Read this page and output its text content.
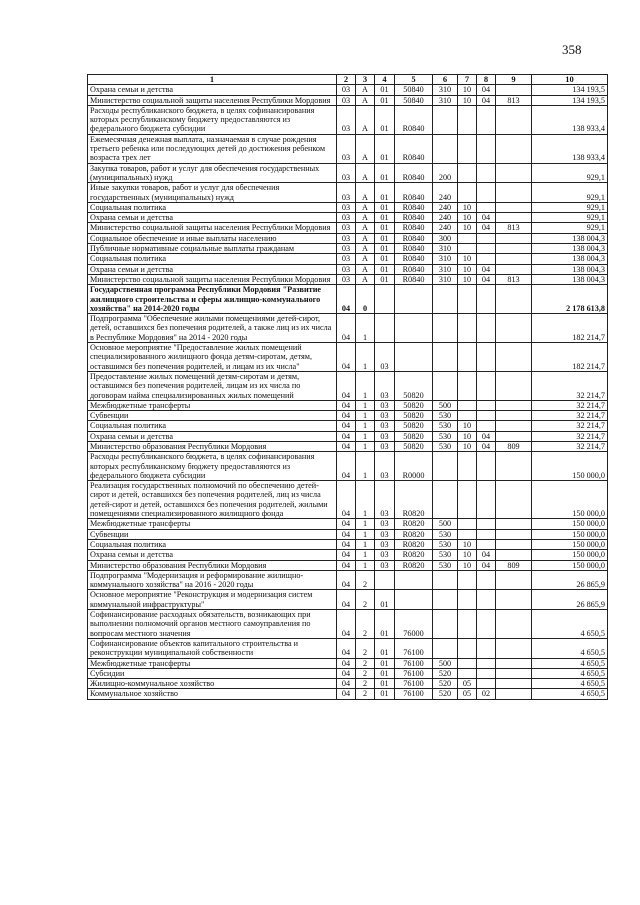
358
1	2	3	4	5	6	7	8	9	10
Охрана семьи и детства	03	А	01	50840	310	10	04		134 193,5
Министерство социальной защиты населения Республики Мордовия	03	А	01	50840	310	10	04	813	134 193,5
Расходы республиканского бюджета, в целях софинансирования которых республиканскому бюджету предоставляются из федерального бюджета субсидии	03	А	01	R0840					138 933,4
Ежемесячная денежная выплата, назначаемая в случае рождения третьего ребенка или последующих детей до достижения ребенком возраста трех лет	03	А	01	R0840					138 933,4
Закупка товаров, работ и услуг для обеспечения государственных (муниципальных) нужд	03	А	01	R0840	200				929,1
Иные закупки товаров, работ и услуг для обеспечения государственных (муниципальных) нужд	03	А	01	R0840	240				929,1
Социальная политика	03	А	01	R0840	240	10			929,1
Охрана семьи и детства	03	А	01	R0840	240	10	04		929,1
Министерство социальной защиты населения Республики Мордовия	03	А	01	R0840	240	10	04	813	929,1
Социальное обеспечение и иные выплаты населению	03	А	01	R0840	300				138 004,3
Публичные нормативные социальные выплаты гражданам	03	А	01	R0840	310				138 004,3
Социальная политика	03	А	01	R0840	310	10			138 004,3
Охрана семьи и детства	03	А	01	R0840	310	10	04		138 004,3
Министерство социальной защиты населения Республики Мордовия	03	А	01	R0840	310	10	04	813	138 004,3
Государственная программа Республики Мордовия "Развитие жилищного строительства и сферы жилищно-коммунального хозяйства" на 2014-2020 годы	04	0							2 178 613,8
Подпрограмма "Обеспечение жилыми помещениями детей-сирот, детей, оставшихся без попечения родителей, а также лиц из их числа в Республике Мордовия" на 2014 - 2020 годы	04	1							182 214,7
Основное мероприятие "Предоставление жилых помещений специализированного жилищного фонда детям-сиротам, детям, оставшимся без попечения родителей, и лицам из их числа"	04	1	03						182 214,7
Предоставление жилых помещений детям-сиротам и детям, оставшимся без попечения родителей, лицам из их числа по договорам найма специализированных жилых помещений	04	1	03	50820					32 214,7
Межбюджетные трансферты	04	1	03	50820	500				32 214,7
Субвенции	04	1	03	50820	530				32 214,7
Социальная политика	04	1	03	50820	530	10			32 214,7
Охрана семьи и детства	04	1	03	50820	530	10	04		32 214,7
Министерство образования Республики Мордовия	04	1	03	50820	530	10	04	809	32 214,7
Расходы республиканского бюджета, в целях софинансирования которых республиканскому бюджету предоставляются из федерального бюджета субсидии	04	1	03	R0000					150 000,0
Реализация государственных полномочий по обеспечению детей-сирот и детей, оставшихся без попечения родителей, лиц из числа детей-сирот и детей, оставшихся без попечения родителей, жилыми помещениями специализированного жилищного фонда	04	1	03	R0820					150 000,0
Межбюджетные трансферты	04	1	03	R0820	500				150 000,0
Субвенции	04	1	03	R0820	530				150 000,0
Социальная политика	04	1	03	R0820	530	10			150 000,0
Охрана семьи и детства	04	1	03	R0820	530	10	04		150 000,0
Министерство образования Республики Мордовия	04	1	03	R0820	530	10	04	809	150 000,0
Подпрограмма "Модернизация и реформирование жилищно-коммунального хозяйства" на 2016 - 2020 годы	04	2							26 865,9
Основное мероприятие "Реконструкция и модернизация систем коммунальной инфраструктуры"	04	2	01						26 865,9
Софинансирование расходных обязательств, возникающих при выполнении полномочий органов местного самоуправления по вопросам местного значения	04	2	01	76000					4 650,5
Софинансирование объектов капитального строительства и реконструкции муниципальной собственности	04	2	01	76100					4 650,5
Межбюджетные трансферты	04	2	01	76100	500				4 650,5
Субсидии	04	2	01	76100	520				4 650,5
Жилищно-коммунальное хозяйство	04	2	01	76100	520	05			4 650,5
Коммунальное хозяйство	04	2	01	76100	520	05	02		4 650,5
